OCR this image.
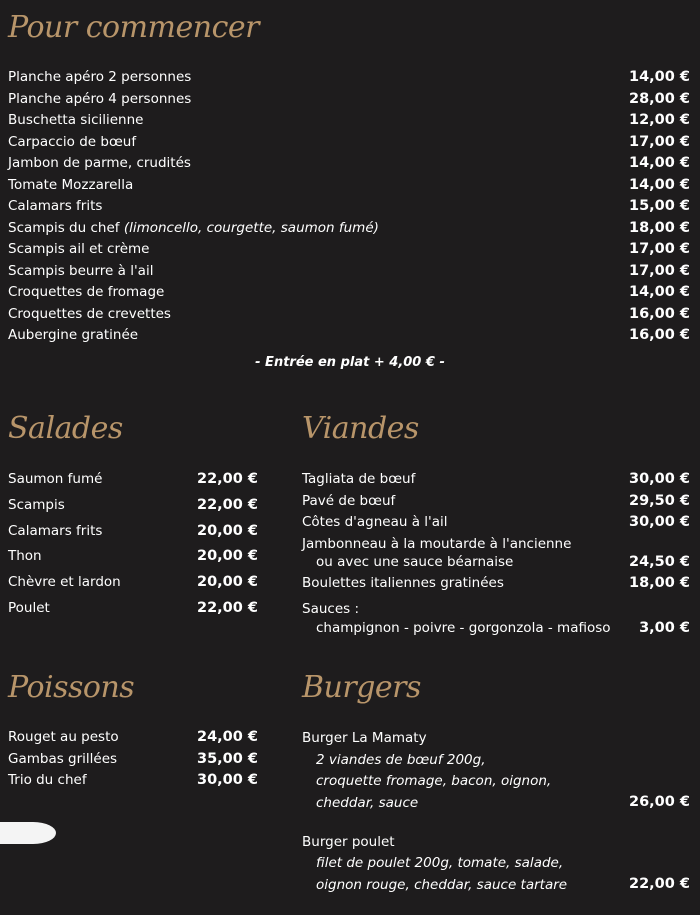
Pour commencer
Planche apéro 2 personnes	14,00 €
Planche apéro 4 personnes	28,00 €
Buschetta sicilienne	12,00 €
Carpaccio de bœuf	17,00 €
Jambon de parme, crudités	14,00 €
Tomate Mozzarella	14,00 €
Calamars frits	15,00 €
Scampis du chef (limoncello, courgette, saumon fumé)	18,00 €
Scampis ail et crème	17,00 €
Scampis beurre à l'ail	17,00 €
Croquettes de fromage	14,00 €
Croquettes de crevettes	16,00 €
Aubergine gratinée	16,00 €
- Entrée en plat + 4,00 € -
Salades
Saumon fumé	22,00 €
Scampis	22,00 €
Calamars frits	20,00 €
Thon	20,00 €
Chèvre et lardon	20,00 €
Poulet	22,00 €
Viandes
Tagliata de bœuf	30,00 €
Pavé de bœuf	29,50 €
Côtes d'agneau à l'ail	30,00 €
Jambonneau à la moutarde à l'ancienne
ou avec une sauce béarnaise	24,50 €
Boulettes italiennes gratinées	18,00 €
Sauces :
champignon - poivre - gorgonzola - mafioso 3,00 €
Poissons
Rouget au pesto	24,00 €
Gambas grillées	35,00 €
Trio du chef	30,00 €
Burgers
Burger La Mamaty
2 viandes de bœuf 200g,
croquette fromage, bacon, oignon,
cheddar, sauce	26,00 €
Burger poulet
filet de poulet 200g, tomate, salade,
oignon rouge, cheddar, sauce tartare	22,00 €
